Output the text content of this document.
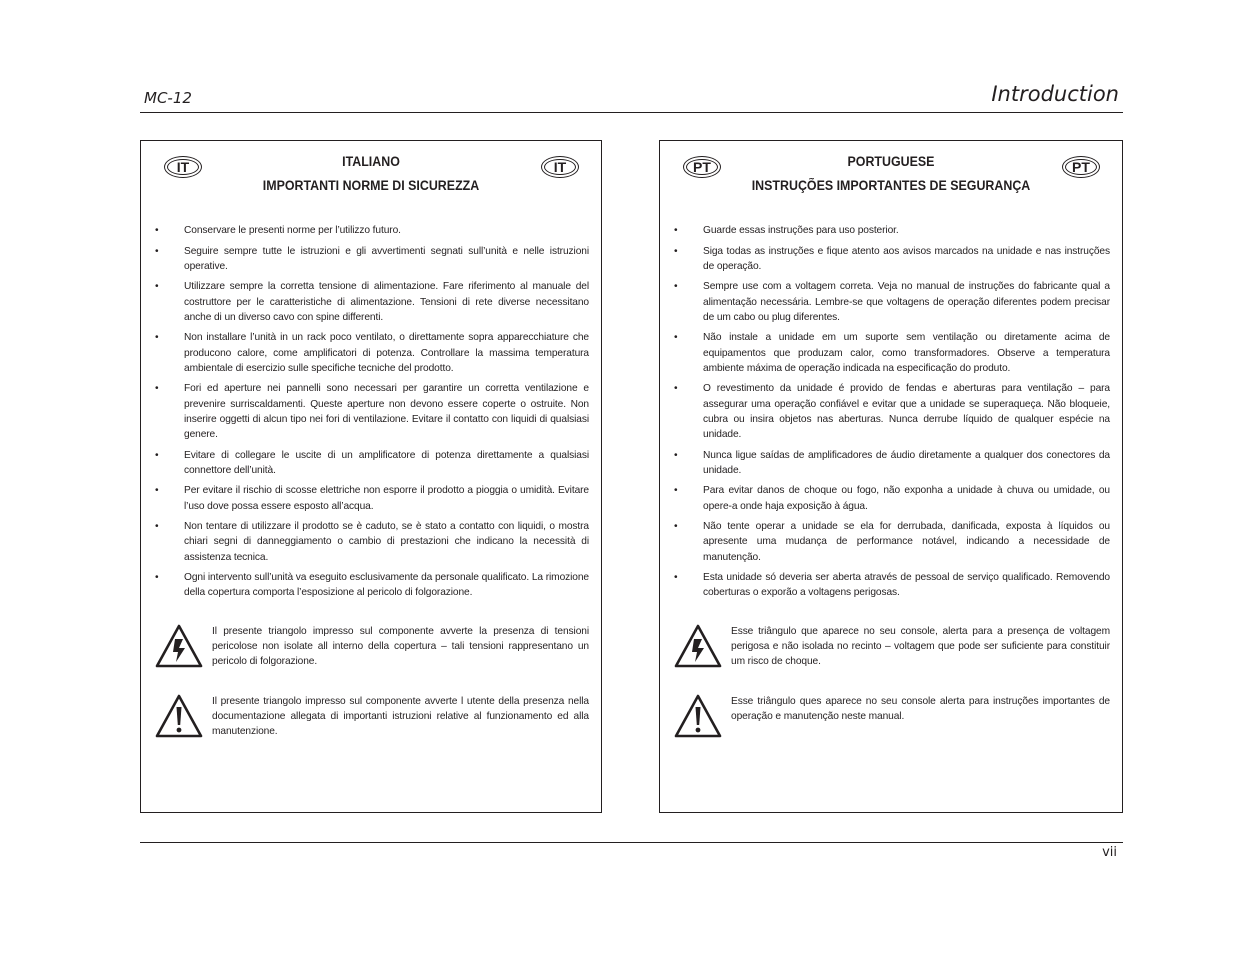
MC-12	Introduction
IT	IT
ITALIANO
IMPORTANTI NORME DI SICUREZZA
•	Conservare le presenti norme per l’utilizzo futuro.
•	Seguire sempre tutte le istruzioni e gli avvertimenti segnati sull’unità e nelle istruzioni operative.
•	Utilizzare sempre la corretta tensione di alimentazione. Fare riferimento al manuale del costruttore per le caratteristiche di alimentazione. Tensioni di rete diverse necessitano anche di un diverso cavo con spine differenti.
•	Non installare l’unità in un rack poco ventilato, o direttamente sopra apparecchiature che producono calore, come amplificatori di potenza. Controllare la massima temperatura ambientale di esercizio sulle specifiche tecniche del prodotto.
•	Fori ed aperture nei pannelli sono necessari per garantire un corretta ventilazione e prevenire surriscaldamenti. Queste aperture non devono essere coperte o ostruite. Non inserire oggetti di alcun tipo nei fori di ventilazione. Evitare il contatto con liquidi di qualsiasi genere.
•	Evitare di collegare le uscite di un amplificatore di potenza direttamente a qualsiasi connettore dell’unità.
•	Per evitare il rischio di scosse elettriche non esporre il prodotto a pioggia o umidità. Evitare l’uso dove possa essere esposto all’acqua.
•	Non tentare di utilizzare il prodotto se è caduto, se è stato a contatto con liquidi, o mostra chiari segni di danneggiamento o cambio di prestazioni che indicano la necessità di assistenza tecnica.
•	Ogni intervento sull’unità va eseguito esclusivamente da personale qualificato. La rimozione della copertura comporta l’esposizione al pericolo di folgorazione.
Il presente triangolo impresso sul componente avverte la presenza di tensioni pericolose non isolate all interno della copertura – tali tensioni rappresentano un pericolo di folgorazione.
Il presente triangolo impresso sul componente avverte l utente della presenza nella documentazione allegata di importanti istruzioni relative al funzionamento ed alla manutenzione.
PT	PT
PORTUGUESE
INSTRUÇÕES IMPORTANTES DE SEGURANÇA
•	Guarde essas instruções para uso posterior.
•	Siga todas as instruções e fique atento aos avisos marcados na unidade e nas instruções de operação.
•	Sempre use com a voltagem correta. Veja no manual de instruções do fabricante qual a alimentação necessária. Lembre-se que voltagens de operação diferentes podem precisar de um cabo ou plug diferentes.
•	Não instale a unidade em um suporte sem ventilação ou diretamente acima de equipamentos que produzam calor, como transformadores. Observe a temperatura ambiente máxima de operação indicada na especificação do produto.
•	O revestimento da unidade é provido de fendas e aberturas para ventilação – para assegurar uma operação confiável e evitar que a unidade se superaqueça. Não bloqueie, cubra ou insira objetos nas aberturas. Nunca derrube líquido de qualquer espécie na unidade.
•	Nunca ligue saídas de amplificadores de áudio diretamente a qualquer dos conectores da unidade.
•	Para evitar danos de choque ou fogo, não exponha a unidade à chuva ou umidade, ou opere-a onde haja exposição à água.
•	Não tente operar a unidade se ela for derrubada, danificada, exposta à líquidos ou apresente uma mudança de performance notável, indicando a necessidade de manutenção.
•	Esta unidade só deveria ser aberta através de pessoal de serviço qualificado. Removendo coberturas o exporão a voltagens perigosas.
Esse triângulo que aparece no seu console, alerta para a presença de voltagem perigosa e não isolada no recinto – voltagem que pode ser suficiente para constituir um risco de choque.
Esse triângulo ques aparece no seu console alerta para instruções importantes de operação e manutenção neste manual.
vii
